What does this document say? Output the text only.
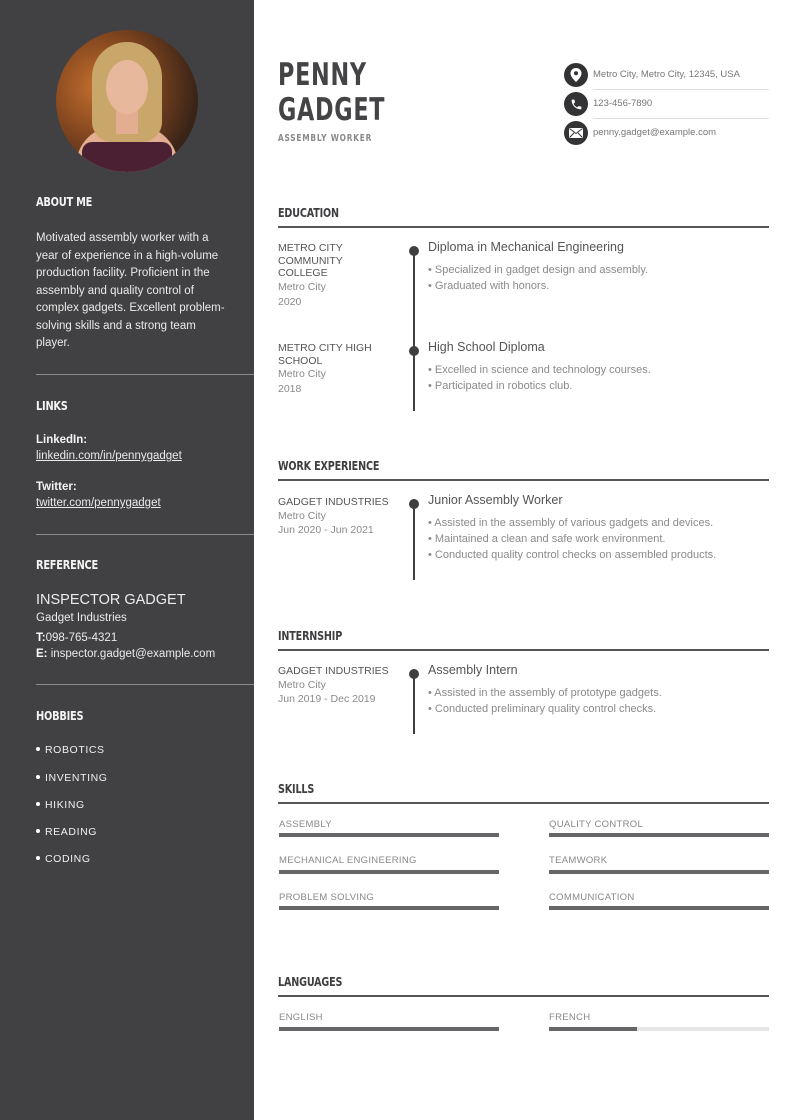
ABOUT ME
Motivated assembly worker with a year of experience in a high-volume production facility. Proficient in the assembly and quality control of complex gadgets. Excellent problem-solving skills and a strong team player.
LINKS
LinkedIn:
linkedin.com/in/pennygadget
Twitter:
twitter.com/pennygadget
REFERENCE
INSPECTOR GADGET
Gadget Industries
T:098-765-4321
E: inspector.gadget@example.com
HOBBIES
ROBOTICS
INVENTING
HIKING
READING
CODING
PENNY
GADGET
ASSEMBLY WORKER
Metro City, Metro City, 12345, USA
123-456-7890
penny.gadget@example.com
EDUCATION
METRO CITY COMMUNITY COLLEGE
Metro City
2020
Diploma in Mechanical Engineering
• Specialized in gadget design and assembly.
• Graduated with honors.
METRO CITY HIGH SCHOOL
Metro City
2018
High School Diploma
• Excelled in science and technology courses.
• Participated in robotics club.
WORK EXPERIENCE
GADGET INDUSTRIES
Metro City
Jun 2020 - Jun 2021
Junior Assembly Worker
• Assisted in the assembly of various gadgets and devices.
• Maintained a clean and safe work environment.
• Conducted quality control checks on assembled products.
INTERNSHIP
GADGET INDUSTRIES
Metro City
Jun 2019 - Dec 2019
Assembly Intern
• Assisted in the assembly of prototype gadgets.
• Conducted preliminary quality control checks.
SKILLS
ASSEMBLY	QUALITY CONTROL
MECHANICAL ENGINEERING	TEAMWORK
PROBLEM SOLVING	COMMUNICATION
LANGUAGES
ENGLISH	FRENCH
